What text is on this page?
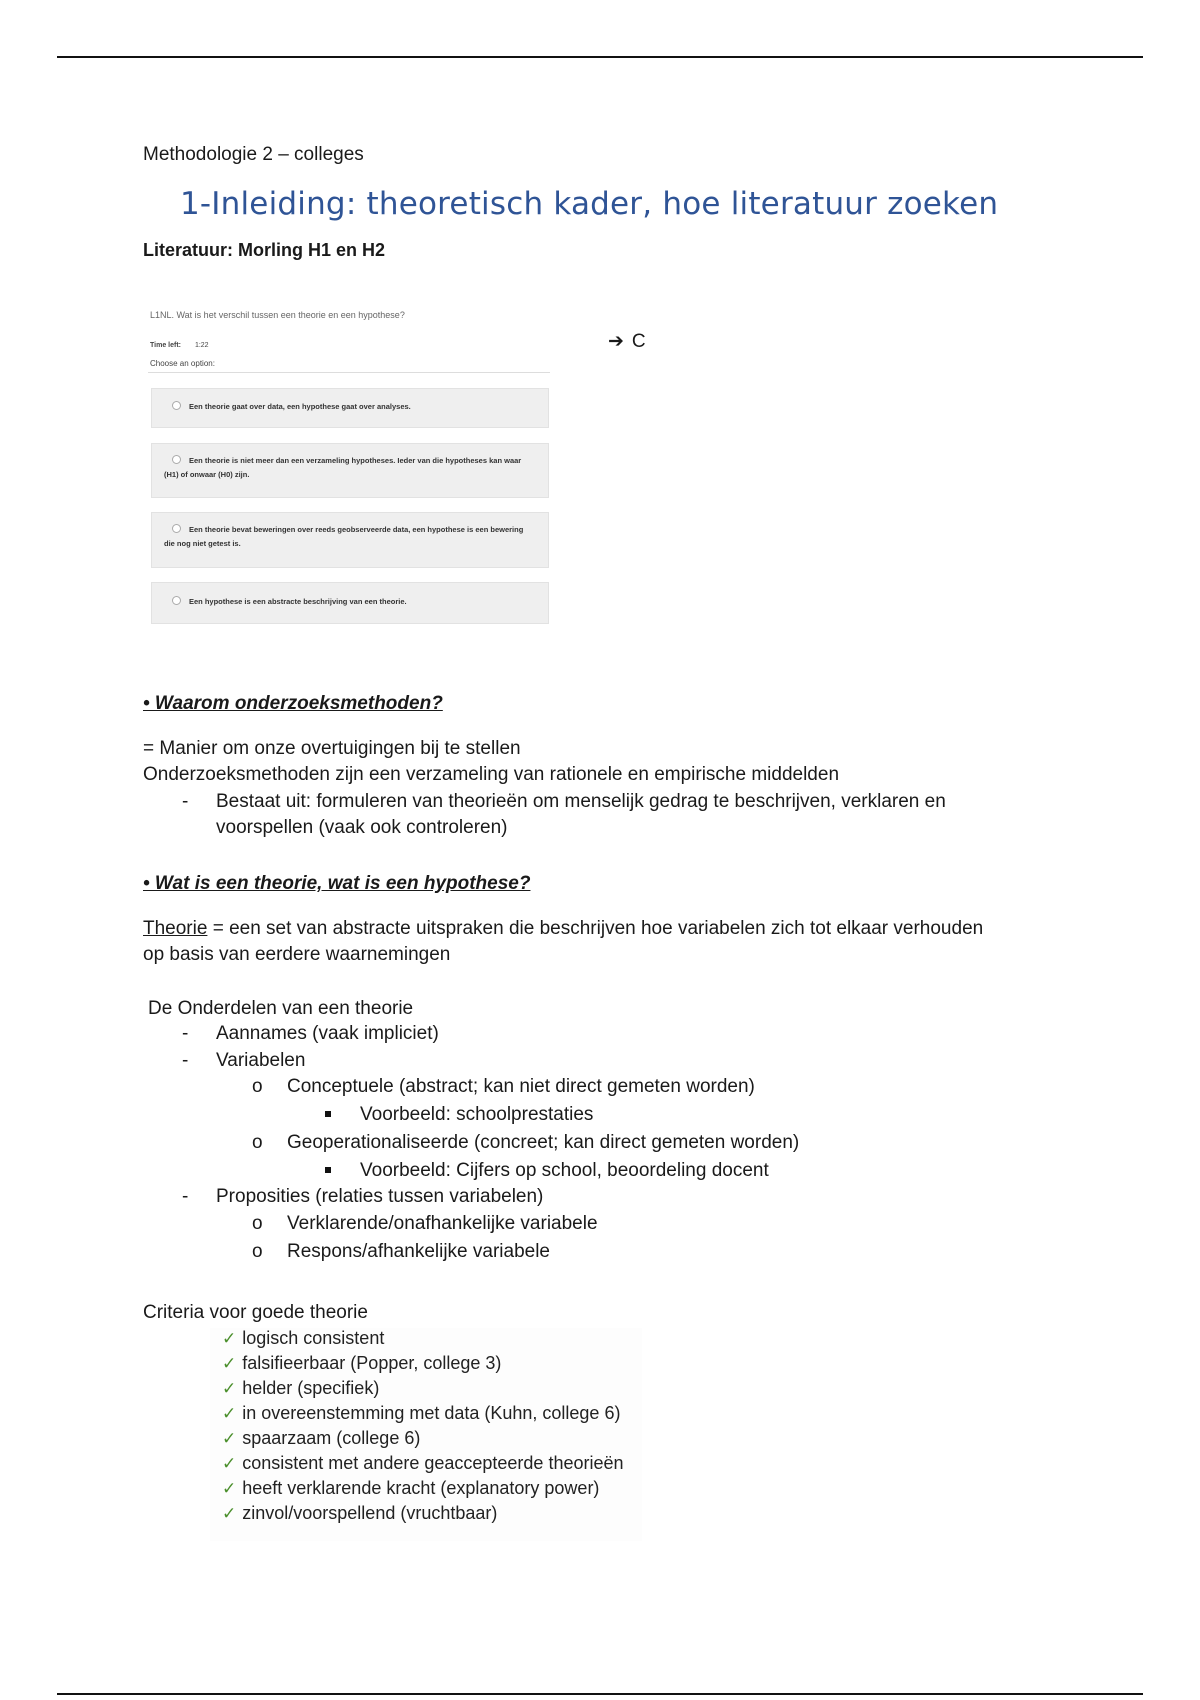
Methodologie 2 – colleges
1-Inleiding: theoretisch kader, hoe literatuur zoeken
Literatuur: Morling H1 en H2
L1NL. Wat is het verschil tussen een theorie en een hypothese?
Time left: 1:22
Choose an option:
Een theorie gaat over data, een hypothese gaat over analyses.
Een theorie is niet meer dan een verzameling hypotheses. Ieder van die hypotheses kan waar (H1) of onwaar (H0) zijn.
Een theorie bevat beweringen over reeds geobserveerde data, een hypothese is een bewering die nog niet getest is.
Een hypothese is een abstracte beschrijving van een theorie.
➔ C
• Waarom onderzoeksmethoden?
= Manier om onze overtuigingen bij te stellen
Onderzoeksmethoden zijn een verzameling van rationele en empirische middelden
- Bestaat uit: formuleren van theorieën om menselijk gedrag te beschrijven, verklaren en
voorspellen (vaak ook controleren)
• Wat is een theorie, wat is een hypothese?
Theorie = een set van abstracte uitspraken die beschrijven hoe variabelen zich tot elkaar verhouden
op basis van eerdere waarnemingen
De Onderdelen van een theorie
- Aannames (vaak impliciet)
- Variabelen
o Conceptuele (abstract; kan niet direct gemeten worden)
Voorbeeld: schoolprestaties
o Geoperationaliseerde (concreet; kan direct gemeten worden)
Voorbeeld: Cijfers op school, beoordeling docent
- Proposities (relaties tussen variabelen)
o Verklarende/onafhankelijke variabele
o Respons/afhankelijke variabele
Criteria voor goede theorie
✓ logisch consistent
✓ falsifieerbaar (Popper, college 3)
✓ helder (specifiek)
✓ in overeenstemming met data (Kuhn, college 6)
✓ spaarzaam (college 6)
✓ consistent met andere geaccepteerde theorieën
✓ heeft verklarende kracht (explanatory power)
✓ zinvol/voorspellend (vruchtbaar)
